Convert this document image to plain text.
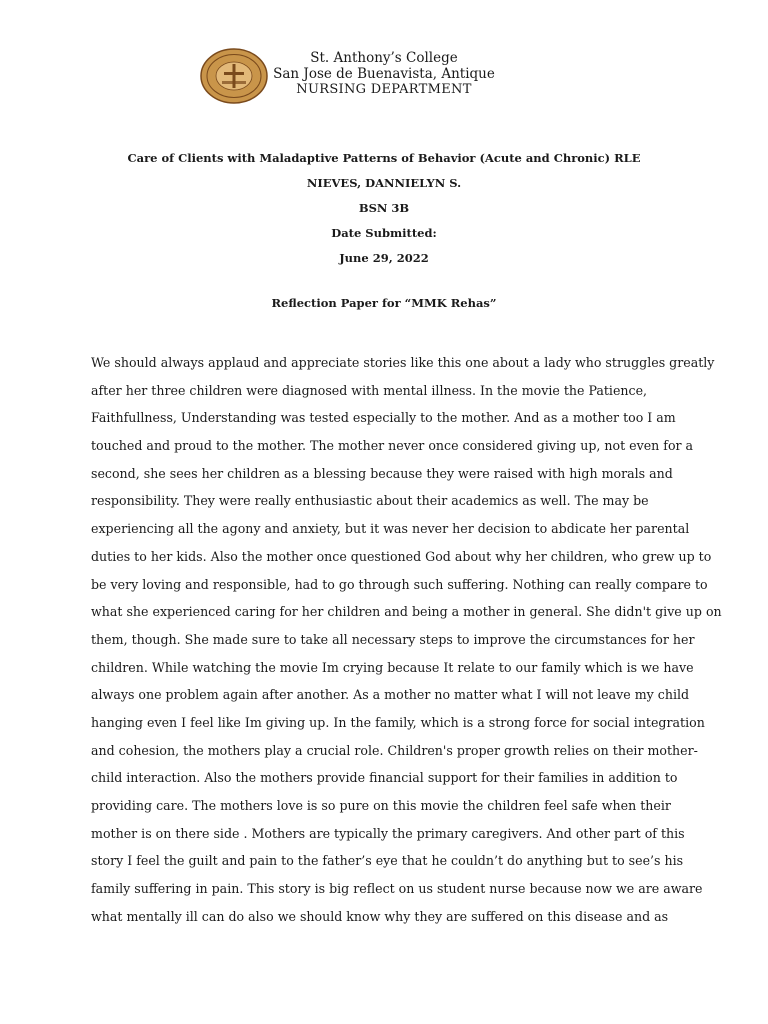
St. Anthony’s College
San Jose de Buenavista, Antique
NURSING DEPARTMENT
Care of Clients with Maladaptive Patterns of Behavior (Acute and Chronic) RLE
NIEVES, DANNIELYN S.
BSN 3B
Date Submitted:
June 29, 2022
Reflection Paper for “MMK Rehas”
We should always applaud and appreciate stories like this one about a lady who struggles greatly
after her three children were diagnosed with mental illness. In the movie the Patience,
Faithfullness, Understanding was tested especially to the mother. And as a mother too I am
touched and proud to the mother. The mother never once considered giving up, not even for a
second, she sees her children as a blessing because they were raised with high morals and
responsibility. They were really enthusiastic about their academics as well. The may be
experiencing all the agony and anxiety, but it was never her decision to abdicate her parental
duties to her kids. Also the mother once questioned God about why her children, who grew up to
be very loving and responsible, had to go through such suffering. Nothing can really compare to
what she experienced caring for her children and being a mother in general. She didn't give up on
them, though. She made sure to take all necessary steps to improve the circumstances for her
children. While watching the movie Im crying because It relate to our family which is we have
always one problem again after another. As a mother no matter what I will not leave my child
hanging even I feel like Im giving up. In the family, which is a strong force for social integration
and cohesion, the mothers play a crucial role. Children's proper growth relies on their mother-
child interaction. Also the mothers provide financial support for their families in addition to
providing care. The mothers love is so pure on this movie the children feel safe when their
mother is on there side . Mothers are typically the primary caregivers. And other part of this
story I feel the guilt and pain to the father’s eye that he couldn’t do anything but to see’s his
family suffering in pain. This story is big reflect on us student nurse because now we are aware
what mentally ill can do also we should know why they are suffered on this disease and as
